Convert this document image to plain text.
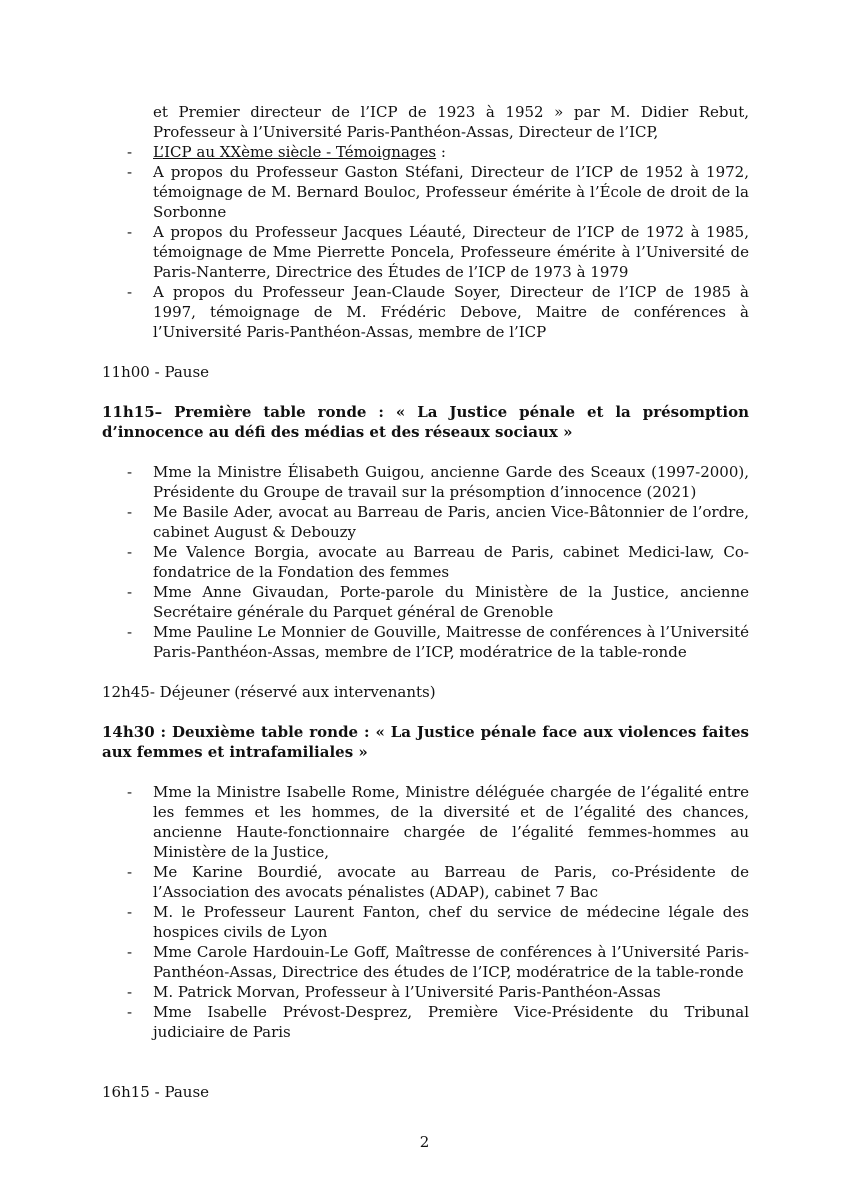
et Premier directeur de l’ICP de 1923 à 1952 » par M. Didier Rebut, Professeur à l’Université Paris-Panthéon-Assas, Directeur de l’ICP,
- L’ICP au XXème siècle - Témoignages :
- A propos du Professeur Gaston Stéfani, Directeur de l’ICP de 1952 à 1972, témoignage de M. Bernard Bouloc, Professeur émérite à l’École de droit de la Sorbonne
- A propos du Professeur Jacques Léauté, Directeur de l’ICP de 1972 à 1985, témoignage de Mme Pierrette Poncela, Professeure émérite à l’Université de Paris-Nanterre, Directrice des Études de l’ICP de 1973 à 1979
- A propos du Professeur Jean-Claude Soyer, Directeur de l’ICP de 1985 à 1997, témoignage de M. Frédéric Debove, Maitre de conférences à l’Université Paris-Panthéon-Assas, membre de l’ICP

11h00 - Pause

11h15– Première table ronde : « La Justice pénale et la présomption d’innocence au défi des médias et des réseaux sociaux »

- Mme la Ministre Élisabeth Guigou, ancienne Garde des Sceaux (1997-2000), Présidente du Groupe de travail sur la présomption d’innocence (2021)
- Me Basile Ader, avocat au Barreau de Paris, ancien Vice-Bâtonnier de l’ordre, cabinet August & Debouzy
- Me Valence Borgia, avocate au Barreau de Paris, cabinet Medici-law, Co-fondatrice de la Fondation des femmes
- Mme Anne Givaudan, Porte-parole du Ministère de la Justice, ancienne Secrétaire générale du Parquet général de Grenoble
- Mme Pauline Le Monnier de Gouville, Maitresse de conférences à l’Université Paris-Panthéon-Assas, membre de l’ICP, modératrice de la table-ronde

12h45- Déjeuner (réservé aux intervenants)

14h30 : Deuxième table ronde : « La Justice pénale face aux violences faites aux femmes et intrafamiliales »

- Mme la Ministre Isabelle Rome, Ministre déléguée chargée de l’égalité entre les femmes et les hommes, de la diversité et de l’égalité des chances, ancienne Haute-fonctionnaire chargée de l’égalité femmes-hommes au Ministère de la Justice,
- Me Karine Bourdié, avocate au Barreau de Paris, co-Présidente de l’Association des avocats pénalistes (ADAP), cabinet 7 Bac
- M. le Professeur Laurent Fanton, chef du service de médecine légale des hospices civils de Lyon
- Mme Carole Hardouin-Le Goff, Maîtresse de conférences à l’Université Paris-Panthéon-Assas, Directrice des études de l’ICP, modératrice de la table-ronde
- M. Patrick Morvan, Professeur à l’Université Paris-Panthéon-Assas
- Mme Isabelle Prévost-Desprez, Première Vice-Présidente du Tribunal judiciaire de Paris

16h15 - Pause

2
